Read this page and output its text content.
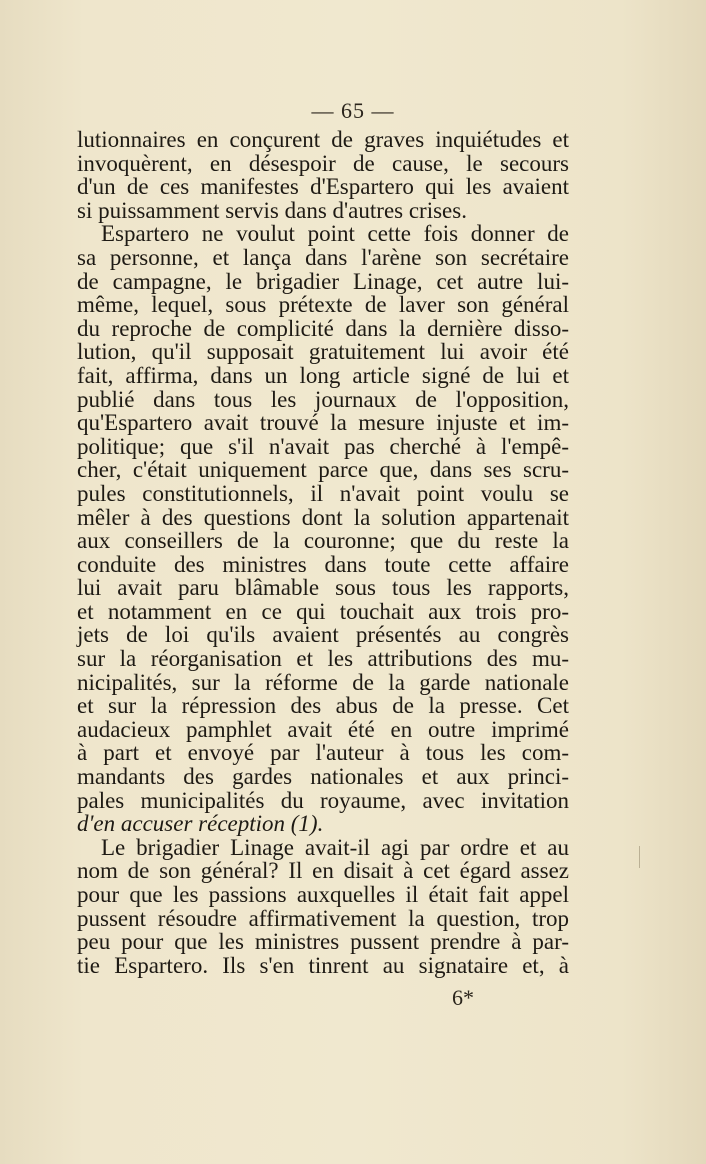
— 65 —
lutionnaires en conçurent de graves inquiétudes et
invoquèrent, en désespoir de cause, le secours
d'un de ces manifestes d'Espartero qui les avaient
si puissamment servis dans d'autres crises.
Espartero ne voulut point cette fois donner de
sa personne, et lança dans l'arène son secrétaire
de campagne, le brigadier Linage, cet autre lui-
même, lequel, sous prétexte de laver son général
du reproche de complicité dans la dernière disso-
lution, qu'il supposait gratuitement lui avoir été
fait, affirma, dans un long article signé de lui et
publié dans tous les journaux de l'opposition,
qu'Espartero avait trouvé la mesure injuste et im-
politique; que s'il n'avait pas cherché à l'empê-
cher, c'était uniquement parce que, dans ses scru-
pules constitutionnels, il n'avait point voulu se
mêler à des questions dont la solution appartenait
aux conseillers de la couronne; que du reste la
conduite des ministres dans toute cette affaire
lui avait paru blâmable sous tous les rapports,
et notamment en ce qui touchait aux trois pro-
jets de loi qu'ils avaient présentés au congrès
sur la réorganisation et les attributions des mu-
nicipalités, sur la réforme de la garde nationale
et sur la répression des abus de la presse. Cet
audacieux pamphlet avait été en outre imprimé
à part et envoyé par l'auteur à tous les com-
mandants des gardes nationales et aux princi-
pales municipalités du royaume, avec invitation
d'en accuser réception (1).
Le brigadier Linage avait-il agi par ordre et au
nom de son général? Il en disait à cet égard assez
pour que les passions auxquelles il était fait appel
pussent résoudre affirmativement la question, trop
peu pour que les ministres pussent prendre à par-
tie Espartero. Ils s'en tinrent au signataire et, à
6*
